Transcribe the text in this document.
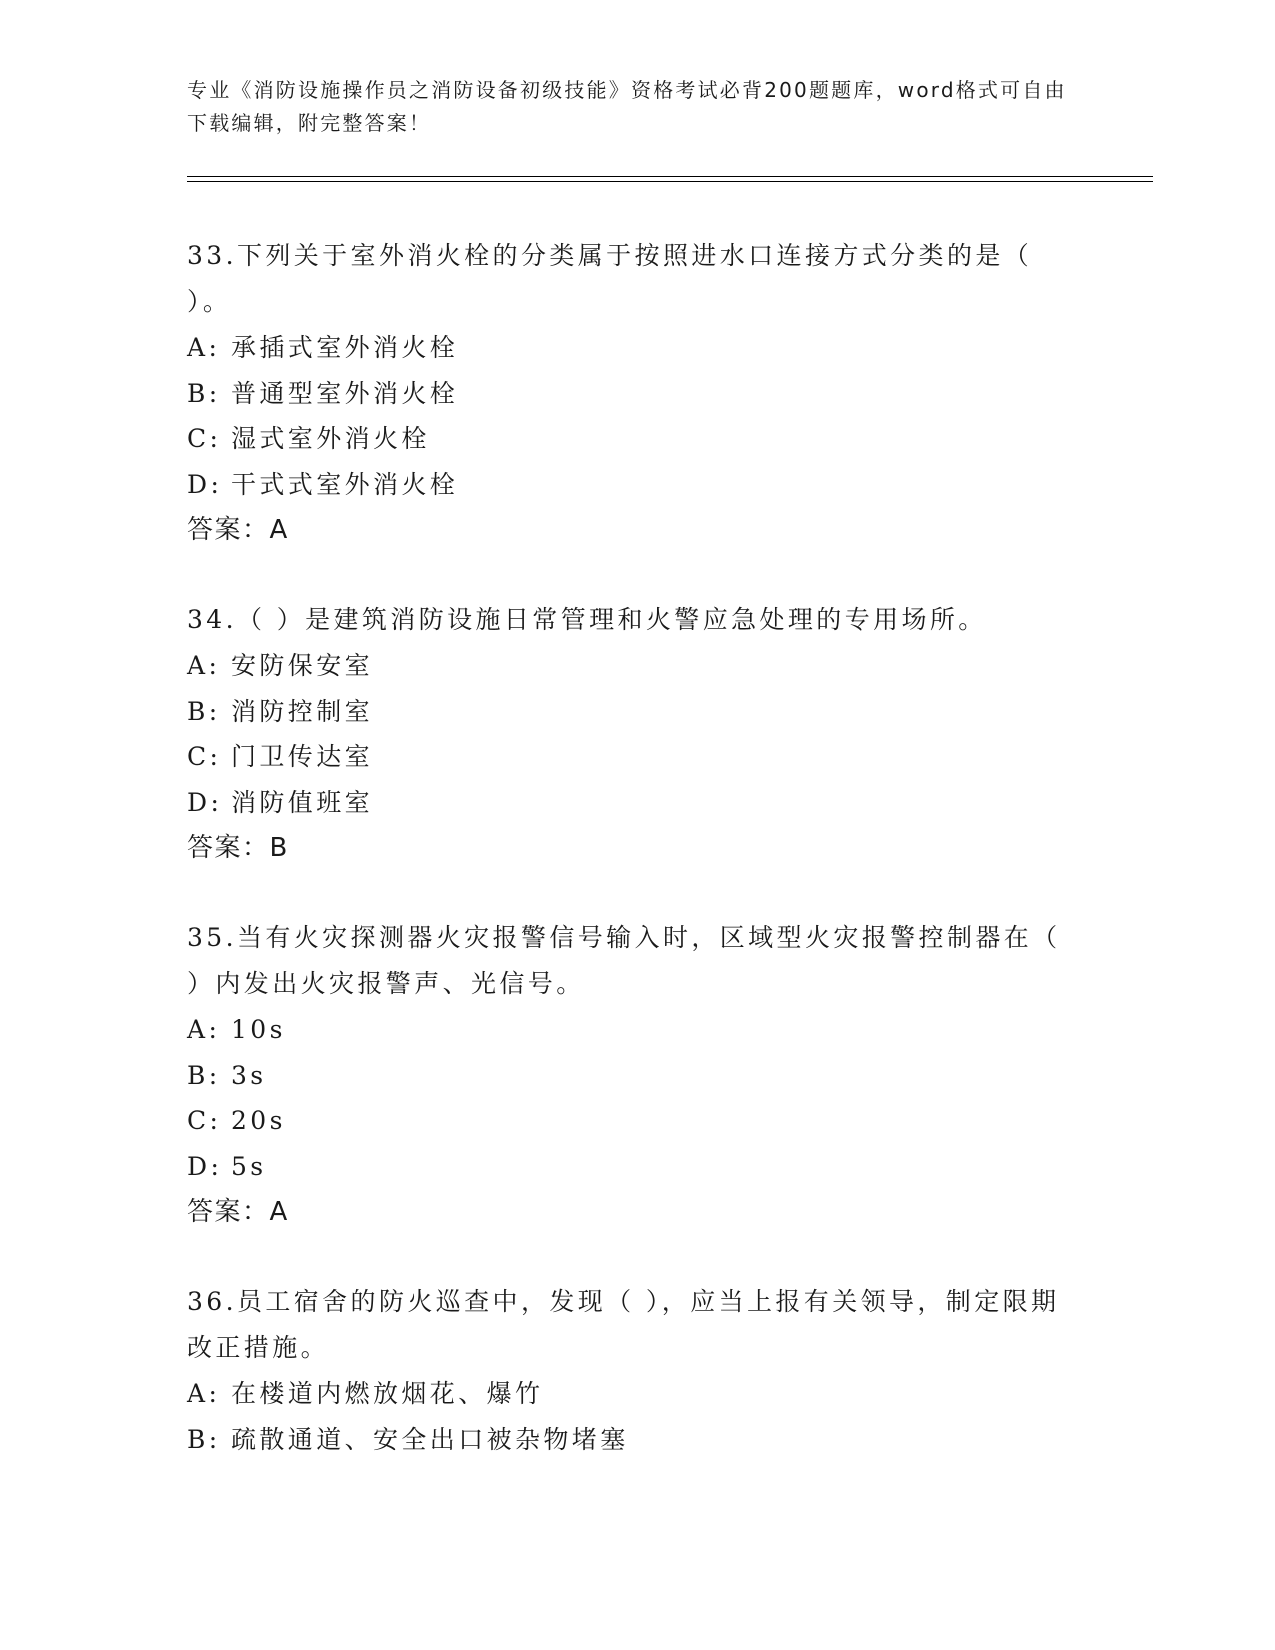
专业《消防设施操作员之消防设备初级技能》资格考试必背200题题库，word格式可自由下载编辑，附完整答案！

33.下列关于室外消火栓的分类属于按照进水口连接方式分类的是（ ）。

A: 承插式室外消火栓

B: 普通型室外消火栓

C: 湿式室外消火栓

D: 干式式室外消火栓

答案：A

34.（ ）是建筑消防设施日常管理和火警应急处理的专用场所。

A: 安防保安室

B: 消防控制室

C: 门卫传达室

D: 消防值班室

答案：B

35.当有火灾探测器火灾报警信号输入时，区域型火灾报警控制器在（ ）内发出火灾报警声、光信号。

A: 10s

B: 3s

C: 20s

D: 5s

答案：A

36.员工宿舍的防火巡查中，发现（ ），应当上报有关领导，制定限期改正措施。

A: 在楼道内燃放烟花、爆竹

B: 疏散通道、安全出口被杂物堵塞
